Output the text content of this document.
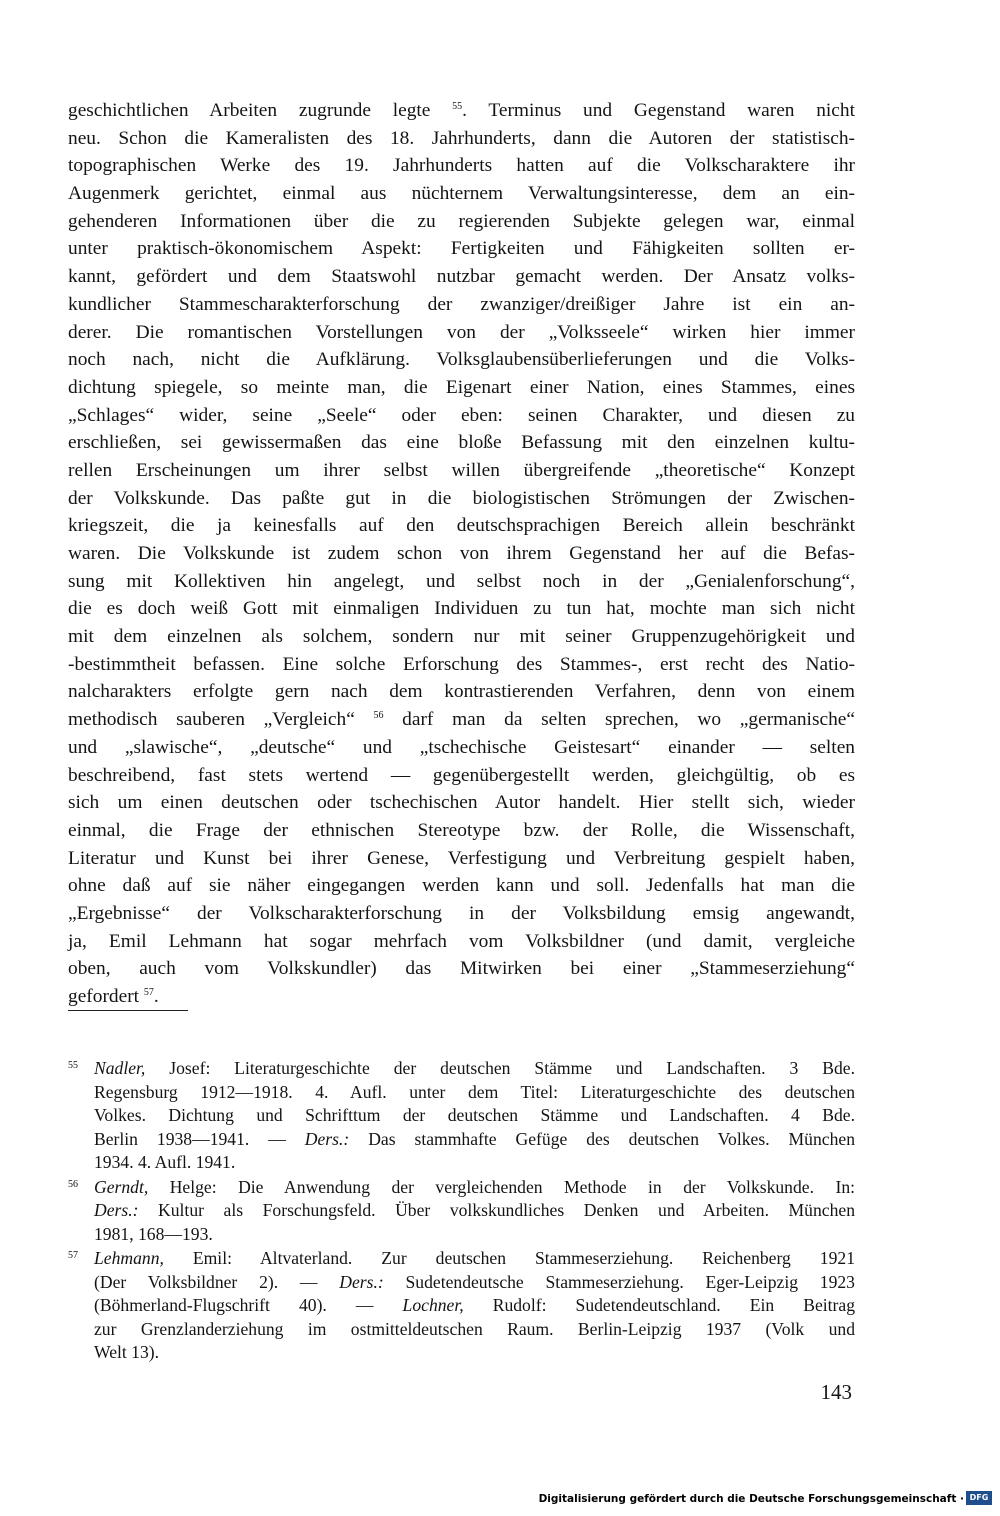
geschichtlichen Arbeiten zugrunde legte $^{55}$. Terminus und Gegenstand waren nicht
neu. Schon die Kameralisten des 18. Jahrhunderts, dann die Autoren der statistisch-
topographischen Werke des 19. Jahrhunderts hatten auf die Volkscharaktere ihr
Augenmerk gerichtet, einmal aus nüchternem Verwaltungsinteresse, dem an ein-
gehenderen Informationen über die zu regierenden Subjekte gelegen war, einmal
unter praktisch-ökonomischem Aspekt: Fertigkeiten und Fähigkeiten sollten er-
kannt, gefördert und dem Staatswohl nutzbar gemacht werden. Der Ansatz volks-
kundlicher Stammescharakterforschung der zwanziger/dreißiger Jahre ist ein an-
derer. Die romantischen Vorstellungen von der „Volksseele“ wirken hier immer
noch nach, nicht die Aufklärung. Volksglaubensüberlieferungen und die Volks-
dichtung spiegele, so meinte man, die Eigenart einer Nation, eines Stammes, eines
„Schlages“ wider, seine „Seele“ oder eben: seinen Charakter, und diesen zu
erschließen, sei gewissermaßen das eine bloße Befassung mit den einzelnen kultu-
rellen Erscheinungen um ihrer selbst willen übergreifende „theoretische“ Konzept
der Volkskunde. Das paßte gut in die biologistischen Strömungen der Zwischen-
kriegszeit, die ja keinesfalls auf den deutschsprachigen Bereich allein beschränkt
waren. Die Volkskunde ist zudem schon von ihrem Gegenstand her auf die Befas-
sung mit Kollektiven hin angelegt, und selbst noch in der „Genialenforschung“,
die es doch weiß Gott mit einmaligen Individuen zu tun hat, mochte man sich nicht
mit dem einzelnen als solchem, sondern nur mit seiner Gruppenzugehörigkeit und
-bestimmtheit befassen. Eine solche Erforschung des Stammes-, erst recht des Natio-
nalcharakters erfolgte gern nach dem kontrastierenden Verfahren, denn von einem
methodisch sauberen „Vergleich“ $^{56}$ darf man da selten sprechen, wo „germanische“
und „slawische“, „deutsche“ und „tschechische Geistesart“ einander — selten
beschreibend, fast stets wertend — gegenübergestellt werden, gleichgültig, ob es
sich um einen deutschen oder tschechischen Autor handelt. Hier stellt sich, wieder
einmal, die Frage der ethnischen Stereotype bzw. der Rolle, die Wissenschaft,
Literatur und Kunst bei ihrer Genese, Verfestigung und Verbreitung gespielt haben,
ohne daß auf sie näher eingegangen werden kann und soll. Jedenfalls hat man die
„Ergebnisse“ der Volkscharakterforschung in der Volksbildung emsig angewandt,
ja, Emil Lehmann hat sogar mehrfach vom Volksbildner (und damit, vergleiche
oben, auch vom Volkskundler) das Mitwirken bei einer „Stammeserziehung“
gefordert $^{57}$.
55 Nadler, Josef: Literaturgeschichte der deutschen Stämme und Landschaften. 3 Bde.
Regensburg 1912—1918. 4. Aufl. unter dem Titel: Literaturgeschichte des deutschen
Volkes. Dichtung und Schrifttum der deutschen Stämme und Landschaften. 4 Bde.
Berlin 1938—1941. — Ders.: Das stammhafte Gefüge des deutschen Volkes. München
1934. 4. Aufl. 1941.
56 Gerndt, Helge: Die Anwendung der vergleichenden Methode in der Volkskunde. In:
Ders.: Kultur als Forschungsfeld. Über volkskundliches Denken und Arbeiten. München
1981, 168—193.
57 Lehmann, Emil: Altvaterland. Zur deutschen Stammeserziehung. Reichenberg 1921
(Der Volksbildner 2). — Ders.: Sudetendeutsche Stammeserziehung. Eger-Leipzig 1923
(Böhmerland-Flugschrift 40). — Lochner, Rudolf: Sudetendeutschland. Ein Beitrag
zur Grenzlanderziehung im ostmitteldeutschen Raum. Berlin-Leipzig 1937 (Volk und
Welt 13).
143
Digitalisierung gefördert durch die Deutsche Forschungsgemeinschaft · DFG
